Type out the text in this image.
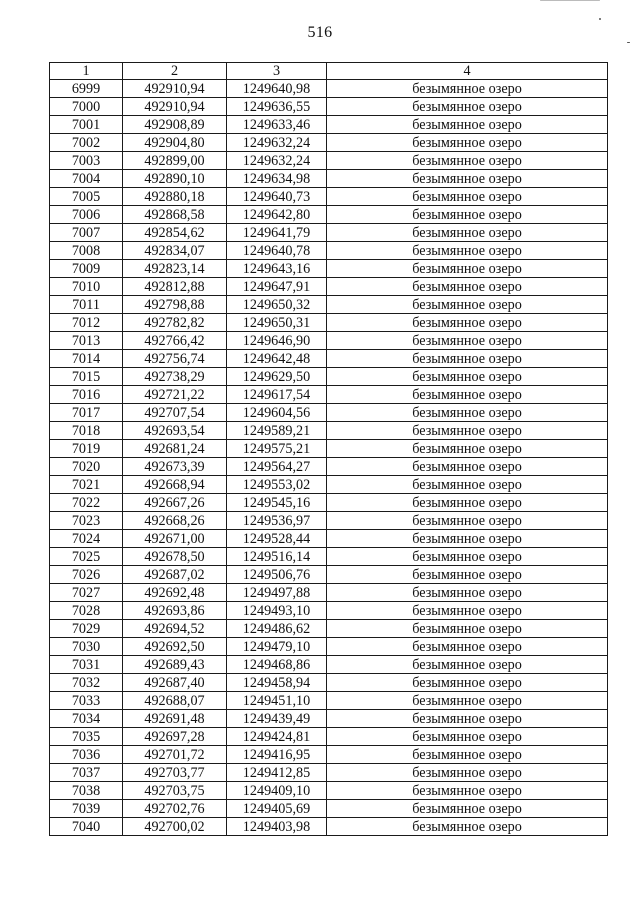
516
1	2	3	4
6999	492910,94	1249640,98	безымянное озеро
7000	492910,94	1249636,55	безымянное озеро
7001	492908,89	1249633,46	безымянное озеро
7002	492904,80	1249632,24	безымянное озеро
7003	492899,00	1249632,24	безымянное озеро
7004	492890,10	1249634,98	безымянное озеро
7005	492880,18	1249640,73	безымянное озеро
7006	492868,58	1249642,80	безымянное озеро
7007	492854,62	1249641,79	безымянное озеро
7008	492834,07	1249640,78	безымянное озеро
7009	492823,14	1249643,16	безымянное озеро
7010	492812,88	1249647,91	безымянное озеро
7011	492798,88	1249650,32	безымянное озеро
7012	492782,82	1249650,31	безымянное озеро
7013	492766,42	1249646,90	безымянное озеро
7014	492756,74	1249642,48	безымянное озеро
7015	492738,29	1249629,50	безымянное озеро
7016	492721,22	1249617,54	безымянное озеро
7017	492707,54	1249604,56	безымянное озеро
7018	492693,54	1249589,21	безымянное озеро
7019	492681,24	1249575,21	безымянное озеро
7020	492673,39	1249564,27	безымянное озеро
7021	492668,94	1249553,02	безымянное озеро
7022	492667,26	1249545,16	безымянное озеро
7023	492668,26	1249536,97	безымянное озеро
7024	492671,00	1249528,44	безымянное озеро
7025	492678,50	1249516,14	безымянное озеро
7026	492687,02	1249506,76	безымянное озеро
7027	492692,48	1249497,88	безымянное озеро
7028	492693,86	1249493,10	безымянное озеро
7029	492694,52	1249486,62	безымянное озеро
7030	492692,50	1249479,10	безымянное озеро
7031	492689,43	1249468,86	безымянное озеро
7032	492687,40	1249458,94	безымянное озеро
7033	492688,07	1249451,10	безымянное озеро
7034	492691,48	1249439,49	безымянное озеро
7035	492697,28	1249424,81	безымянное озеро
7036	492701,72	1249416,95	безымянное озеро
7037	492703,77	1249412,85	безымянное озеро
7038	492703,75	1249409,10	безымянное озеро
7039	492702,76	1249405,69	безымянное озеро
7040	492700,02	1249403,98	безымянное озеро
